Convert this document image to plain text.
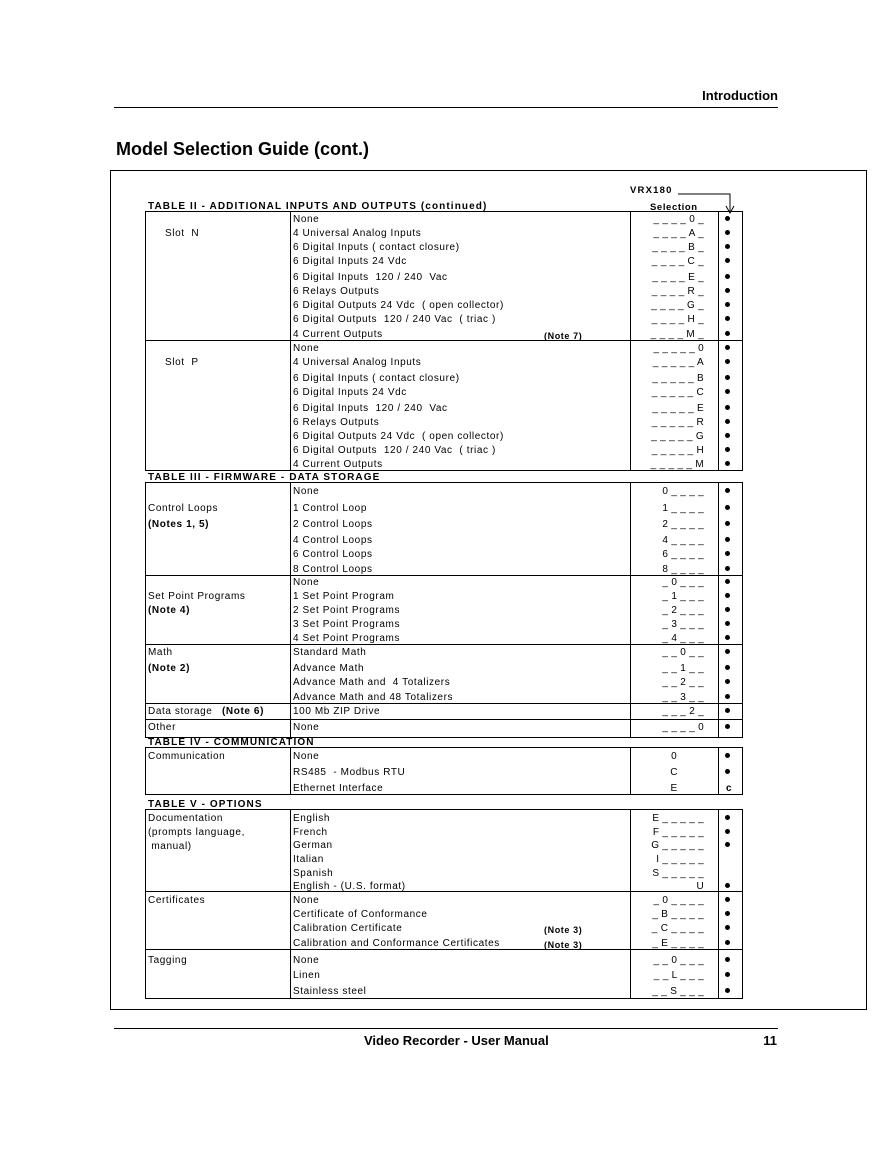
Introduction
Model Selection Guide (cont.)
VRX180
Selection
TABLE II - ADDITIONAL INPUTS AND OUTPUTS (continued)
Slot  N
None	_ _ _ _ 0 _
4 Universal Analog Inputs	_ _ _ _ A _
6 Digital Inputs ( contact closure)	_ _ _ _ B _
6 Digital Inputs 24 Vdc	_ _ _ _ C _
6 Digital Inputs  120 / 240  Vac	_ _ _ _ E _
6 Relays Outputs	_ _ _ _ R _
6 Digital Outputs 24 Vdc  ( open collector)	_ _ _ _ G _
6 Digital Outputs  120 / 240 Vac  ( triac )	_ _ _ _ H _
4 Current Outputs	(Note 7)	_ _ _ _ M _
Slot  P
None	_ _ _ _ _ 0
4 Universal Analog Inputs	_ _ _ _ _ A
6 Digital Inputs ( contact closure)	_ _ _ _ _ B
6 Digital Inputs 24 Vdc	_ _ _ _ _ C
6 Digital Inputs  120 / 240  Vac	_ _ _ _ _ E
6 Relays Outputs	_ _ _ _ _ R
6 Digital Outputs 24 Vdc  ( open collector)	_ _ _ _ _ G
6 Digital Outputs  120 / 240 Vac  ( triac )	_ _ _ _ _ H
4 Current Outputs	_ _ _ _ _ M
TABLE III - FIRMWARE - DATA STORAGE
Control Loops
(Notes 1, 5)
None	0 _ _ _ _
1 Control Loop	1 _ _ _ _
2 Control Loops	2 _ _ _ _
4 Control Loops	4 _ _ _ _
6 Control Loops	6 _ _ _ _
8 Control Loops	8 _ _ _ _
Set Point Programs
(Note 4)
None	_ 0 _ _ _
1 Set Point Program	_ 1 _ _ _
2 Set Point Programs	_ 2 _ _ _
3 Set Point Programs	_ 3 _ _ _
4 Set Point Programs	_ 4 _ _ _
Math
(Note 2)
Standard Math	_ _ 0 _ _
Advance Math	_ _ 1 _ _
Advance Math and  4 Totalizers	_ _ 2 _ _
Advance Math and 48 Totalizers	_ _ 3 _ _
Data storage (Note 6)	100 Mb ZIP Drive	_ _ _ 2 _
Other	None	_ _ _ _ 0
TABLE IV - COMMUNICATION
Communication	None	0
RS485  - Modbus RTU	C
Ethernet Interface	E	c
TABLE V - OPTIONS
Documentation
(prompts language,
manual)
English	E _ _ _ _ _
French	F _ _ _ _ _
German	G _ _ _ _ _
Italian	I _ _ _ _ _
Spanish	S _ _ _ _ _
English - (U.S. format)	U
Certificates	None	_ 0 _ _ _ _
Certificate of Conformance	_ B _ _ _ _
Calibration Certificate	(Note 3)	_ C _ _ _ _
Calibration and Conformance Certificates	(Note 3)	_ E _ _ _ _
Tagging	None	_ _ 0 _ _ _
Linen	_ _ L _ _ _
Stainless steel	_ _ S _ _ _
Video Recorder - User Manual	11
